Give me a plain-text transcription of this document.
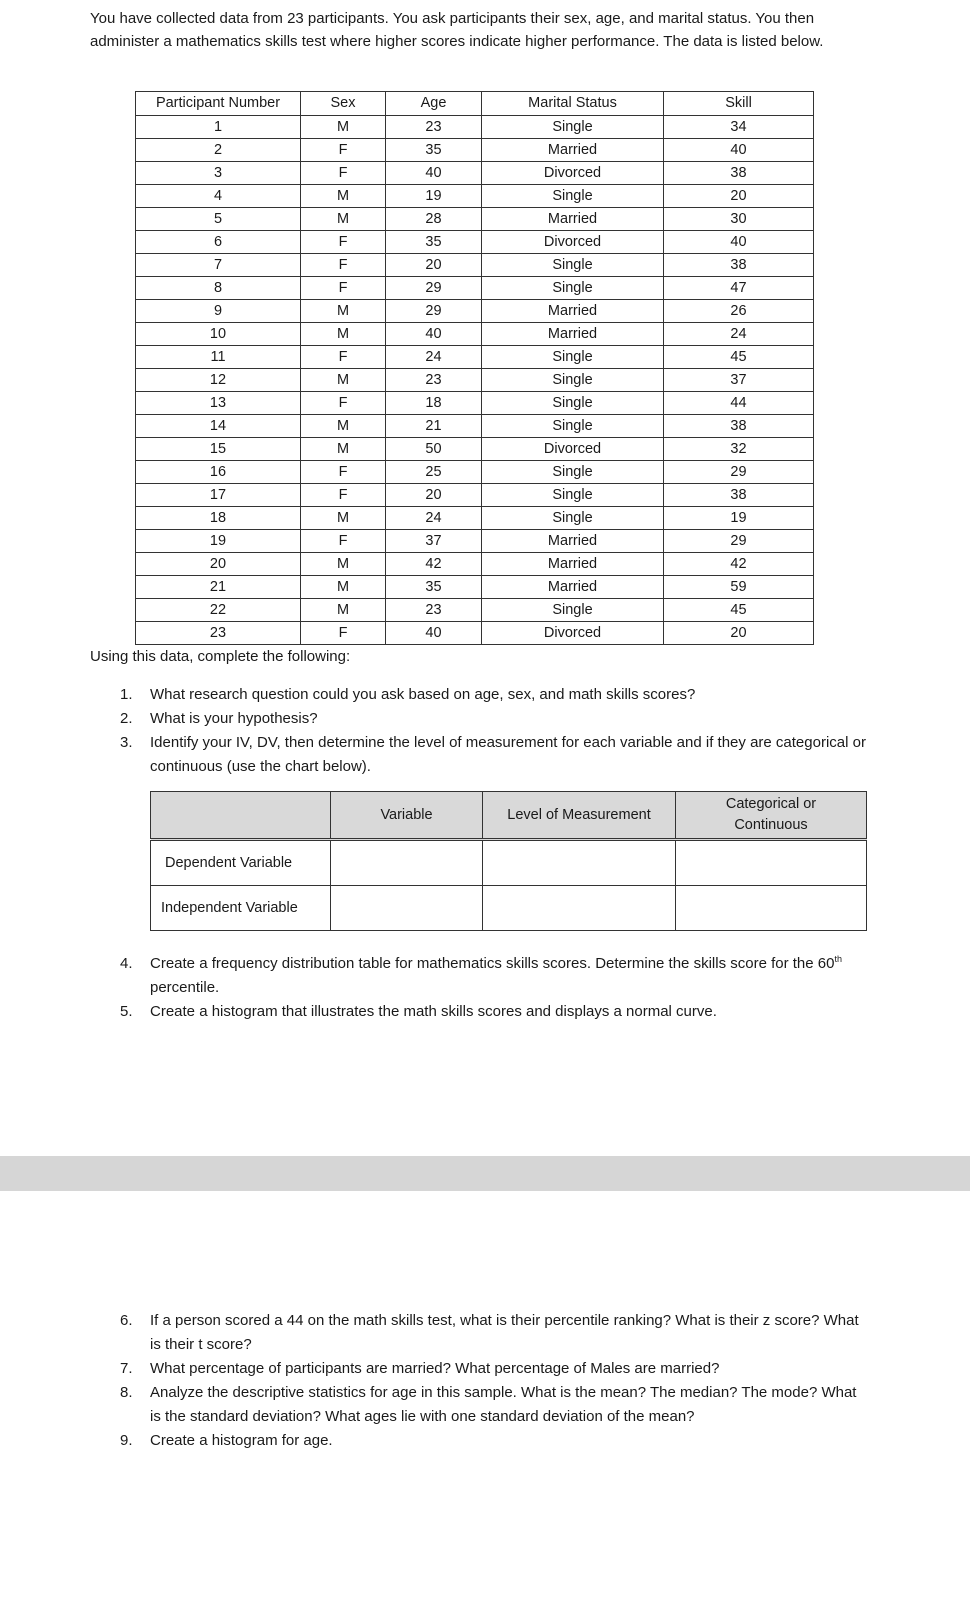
You have collected data from 23 participants. You ask participants their sex, age, and marital status. You then administer a mathematics skills test where higher scores indicate higher performance. The data is listed below.

Participant Number	Sex	Age	Marital Status	Skill
1	M	23	Single	34
2	F	35	Married	40
3	F	40	Divorced	38
4	M	19	Single	20
5	M	28	Married	30
6	F	35	Divorced	40
7	F	20	Single	38
8	F	29	Single	47
9	M	29	Married	26
10	M	40	Married	24
11	F	24	Single	45
12	M	23	Single	37
13	F	18	Single	44
14	M	21	Single	38
15	M	50	Divorced	32
16	F	25	Single	29
17	F	20	Single	38
18	M	24	Single	19
19	F	37	Married	29
20	M	42	Married	42
21	M	35	Married	59
22	M	23	Single	45
23	F	40	Divorced	20

Using this data, complete the following:

1. What research question could you ask based on age, sex, and math skills scores?
2. What is your hypothesis?
3. Identify your IV, DV, then determine the level of measurement for each variable and if they are categorical or continuous (use the chart below).
	Variable	Level of Measurement	Categorical or Continuous
Dependent Variable			
Independent Variable			
4. Create a frequency distribution table for mathematics skills scores. Determine the skills score for the 60th percentile.
5. Create a histogram that illustrates the math skills scores and displays a normal curve.
6. If a person scored a 44 on the math skills test, what is their percentile ranking? What is their z score? What is their t score?
7. What percentage of participants are married? What percentage of Males are married?
8. Analyze the descriptive statistics for age in this sample. What is the mean? The median? The mode? What is the standard deviation? What ages lie with one standard deviation of the mean?
9. Create a histogram for age.
